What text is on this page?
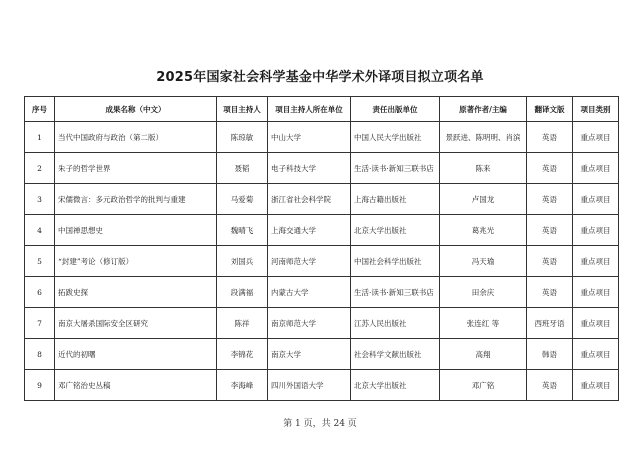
2025年国家社会科学基金中华学术外译项目拟立项名单
序号	成果名称（中文）	项目主持人	项目主持人所在单位	责任出版单位	原著作者/主编	翻译文版	项目类别
1	当代中国政府与政治（第二版）	陈琼敏	中山大学	中国人民大学出版社	景跃进、陈明明、肖滨	英语	重点项目
2	朱子的哲学世界	聂韬	电子科技大学	生活·读书·新知三联书店	陈来	英语	重点项目
3	宋儒微言：多元政治哲学的批判与重建	马爱菊	浙江省社会科学院	上海古籍出版社	卢国龙	英语	重点项目
4	中国禅思想史	魏晴飞	上海交通大学	北京大学出版社	葛兆光	英语	重点项目
5	“封建”考论（修订版）	刘国兵	河南师范大学	中国社会科学出版社	冯天瑜	英语	重点项目
6	拓跋史探	段满福	内蒙古大学	生活·读书·新知三联书店	田余庆	英语	重点项目
7	南京大屠杀国际安全区研究	陈祥	南京师范大学	江苏人民出版社	张连红 等	西班牙语	重点项目
8	近代的初曙	李锦花	南京大学	社会科学文献出版社	高翔	韩语	重点项目
9	邓广铭治史丛稿	李海峰	四川外国语大学	北京大学出版社	邓广铭	英语	重点项目
第 1 页，共 24 页
